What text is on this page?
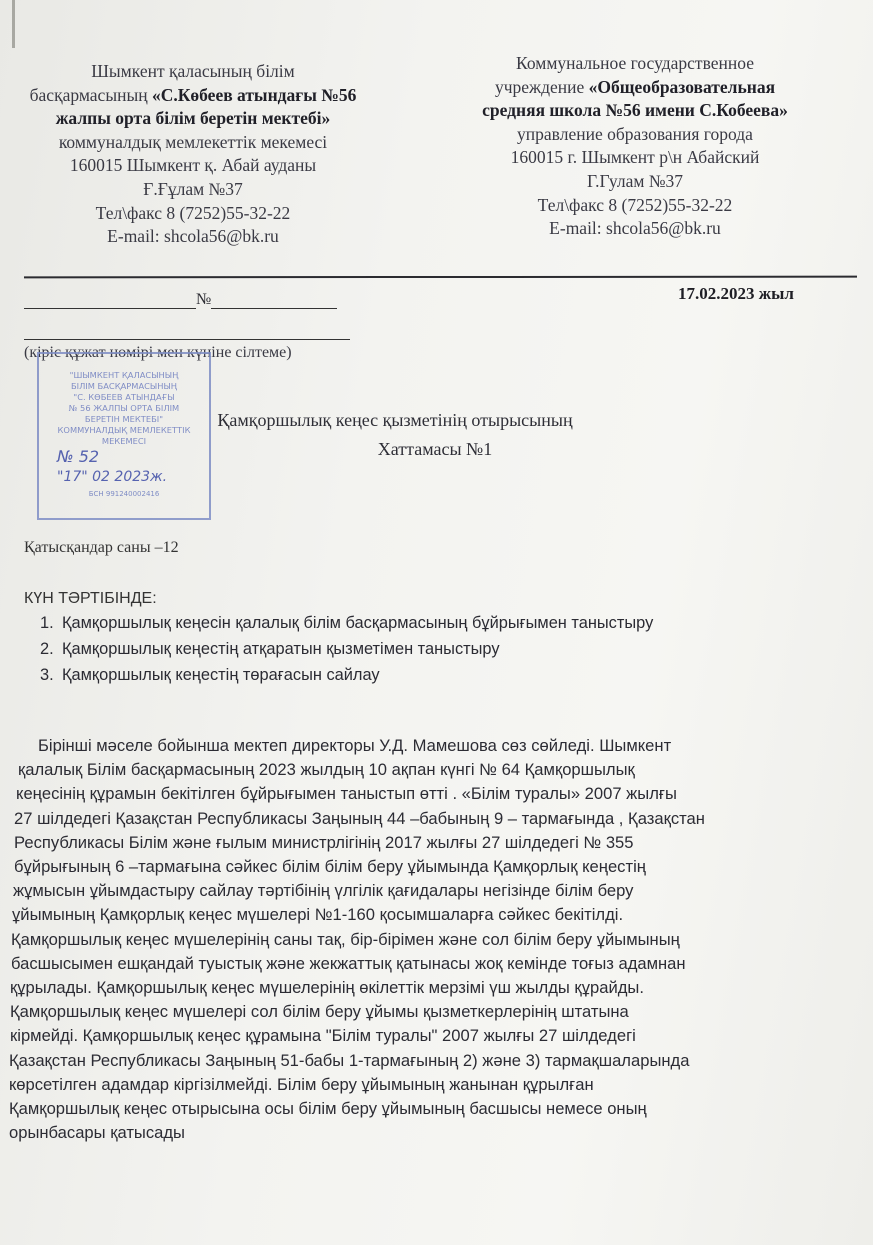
Шымкент қаласының білім
басқармасының «С.Көбеев атындағы №56
жалпы орта білім беретін мектебі»
коммуналдық мемлекеттік мекемесі
160015 Шымкент қ. Абай ауданы
Ғ.Ғұлам №37
Тел\факс 8 (7252)55-32-22
E-mail: shcola56@bk.ru
Коммунальное государственное
учреждение «Общеобразовательная
средняя школа №56 имени С.Кобеева»
управление образования города
160015 г. Шымкент р\н Абайский
Г.Гулам №37
Тел\факс 8 (7252)55-32-22
E-mail: shcola56@bk.ru
№	17.02.2023 жыл
(кіріс құжат нөмірі мен күніне сілтеме)
"ШЫМКЕНТ ҚАЛАСЫНЫҢ
БІЛІМ БАСҚАРМАСЫНЫҢ
"С. КӨБЕЕВ АТЫНДАҒЫ
№ 56 ЖАЛПЫ ОРТА БІЛІМ
БЕРЕТІН МЕКТЕБІ"
КОММУНАЛДЫҚ МЕМЛЕКЕТТІК
МЕКЕМЕСІ
№ 52
"17" 02 2023ж.
БСН 991240002416
Қамқоршылық кеңес қызметінің отырысының
Хаттамасы №1
Қатысқандар саны –12
КҮН ТӘРТІБІНДЕ:
1. Қамқоршылық кеңесін қалалық білім басқармасының бұйрығымен таныстыру
2. Қамқоршылық кеңестің атқаратын қызметімен таныстыру
3. Қамқоршылық кеңестің төрағасын сайлау
Бірінші мәселе бойынша мектеп директоры У.Д. Мамешова сөз сөйледі. Шымкент
қалалық Білім басқармасының 2023 жылдың 10 ақпан күнгі № 64 Қамқоршылық
кеңесінің құрамын бекітілген бұйрығымен таныстып өтті . «Білім туралы» 2007 жылғы
27 шілдедегі Қазақстан Республикасы Заңының 44 –бабының 9 – тармағында , Қазақстан
Республикасы Білім және ғылым министрлігінің 2017 жылғы 27 шілдедегі № 355
бұйрығының 6 –тармағына сәйкес білім білім беру ұйымында Қамқорлық кеңестің
жұмысын ұйымдастыру сайлау тәртібінің үлгілік қағидалары негізінде білім беру
ұйымының Қамқорлық кеңес мүшелері №1-160 қосымшаларға сәйкес бекітілді.
Қамқоршылық кеңес мүшелерінің саны тақ, бір-бірімен және сол білім беру ұйымының
басшысымен ешқандай туыстық және жекжаттық қатынасы жоқ кемінде тоғыз адамнан
құрылады. Қамқоршылық кеңес мүшелерінің өкілеттік мерзімі үш жылды құрайды.
Қамқоршылық кеңес мүшелері сол білім беру ұйымы қызметкерлерінің штатына
кірмейді. Қамқоршылық кеңес құрамына "Білім туралы" 2007 жылғы 27 шілдедегі
Қазақстан Республикасы Заңының 51-бабы 1-тармағының 2) және 3) тармақшаларында
көрсетілген адамдар кіргізілмейді. Білім беру ұйымының жанынан құрылған
Қамқоршылық кеңес отырысына осы білім беру ұйымының басшысы немесе оның
орынбасары қатысады
